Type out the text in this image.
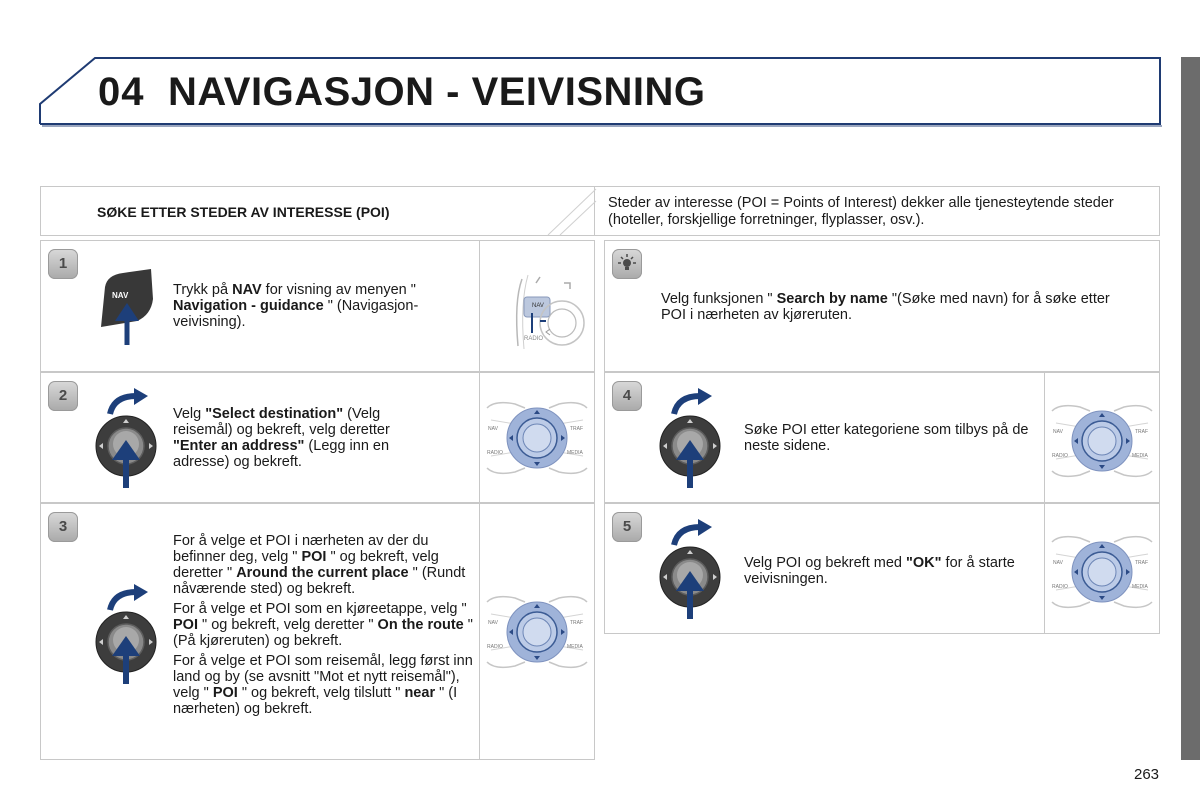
04 NAVIGASJON - VEIVISNING
SØKE ETTER STEDER AV INTERESSE (POI)
Steder av interesse (POI = Points of Interest) dekker alle tjenesteytende steder (hoteller, forskjellige forretninger, flyplasser, osv.).
NAV
RADIO
1
NAV	Trykk på NAV for visning av menyen " Navigation - guidance " (Navigasjon-veivisning).
NAV	TRAF
RADIO	MEDIA
2
Velg "Select destination" (Velg reisemål) og bekreft, velg deretter "Enter an address" (Legg inn en adresse) og bekreft.
NAV	TRAF
RADIO	MEDIA
3

For å velge et POI i nærheten av der du befinner deg, velg " POI " og bekreft, velg deretter " Around the current place " (Rundt nåværende sted) og bekreft.

For å velge et POI som en kjøreetappe, velg " POI " og bekreft, velg deretter " On the route " (På kjøreruten) og bekreft.

For å velge et POI som reisemål, legg først inn land og by (se avsnitt "Mot et nytt reisemål"), velg " POI " og bekreft, velg tilslutt " near " (I nærheten) og bekreft.

Velg funksjonen " Search by name "(Søke med navn) for å søke etter POI i nærheten av kjøreruten.
NAV	TRAF
RADIO	MEDIA
4
Søke POI etter kategoriene som tilbys på de neste sidene.
NAV	TRAF
RADIO	MEDIA
5
Velg POI og bekreft med "OK" for å starte veivisningen.
263
